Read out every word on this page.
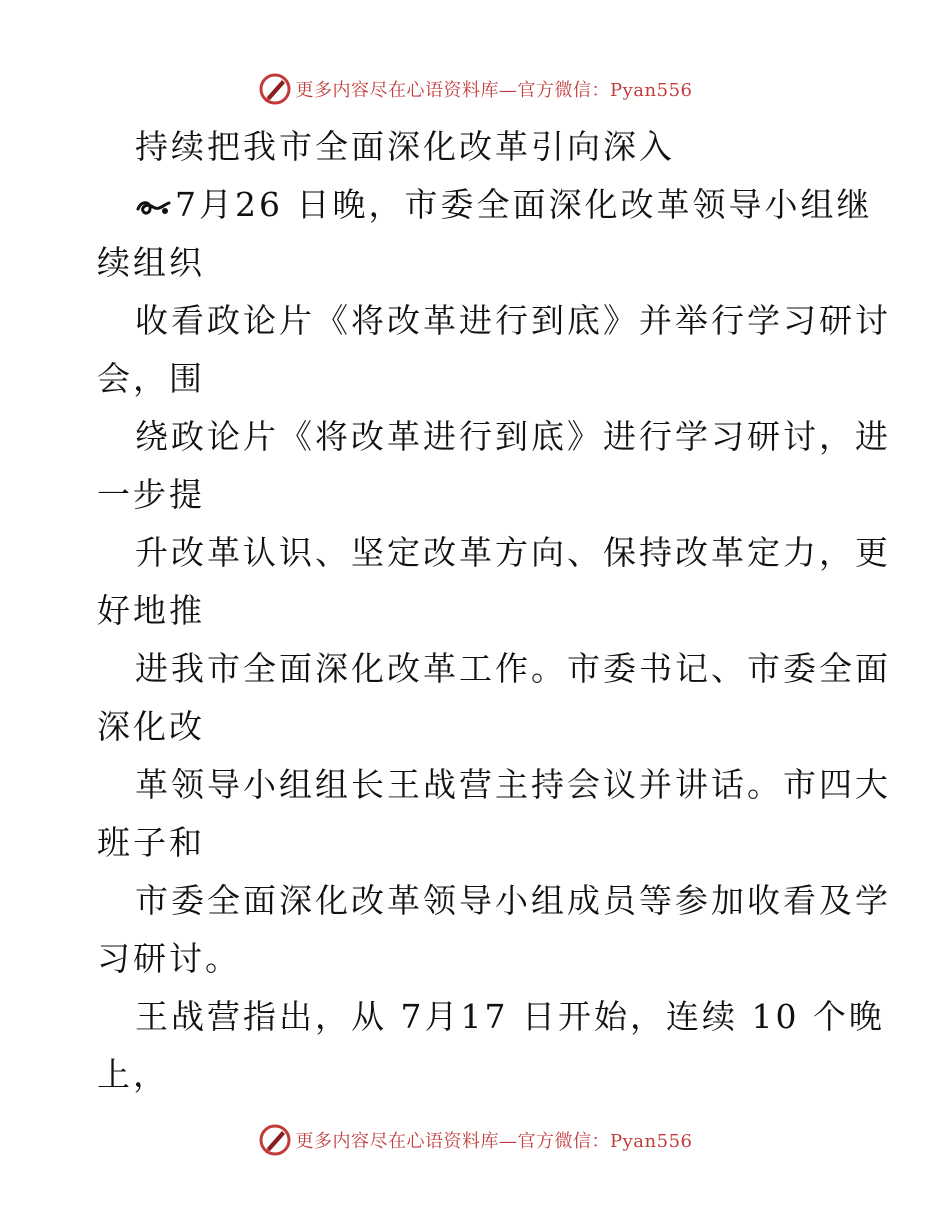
更多内容尽在心语资料库—官方微信：Pyan556
持续把我市全面深化改革引向深入
7月26 日晚，市委全面深化改革领导小组继
续组织
收看政论片《将改革进行到底》并举行学习研讨
会，围
绕政论片《将改革进行到底》进行学习研讨，进
一步提
升改革认识、坚定改革方向、保持改革定力，更
好地推
进我市全面深化改革工作。市委书记、市委全面
深化改
革领导小组组长王战营主持会议并讲话。市四大
班子和
市委全面深化改革领导小组成员等参加收看及学
习研讨。
王战营指出，从 7月17 日开始，连续 10 个晚
上，
更多内容尽在心语资料库—官方微信：Pyan556
